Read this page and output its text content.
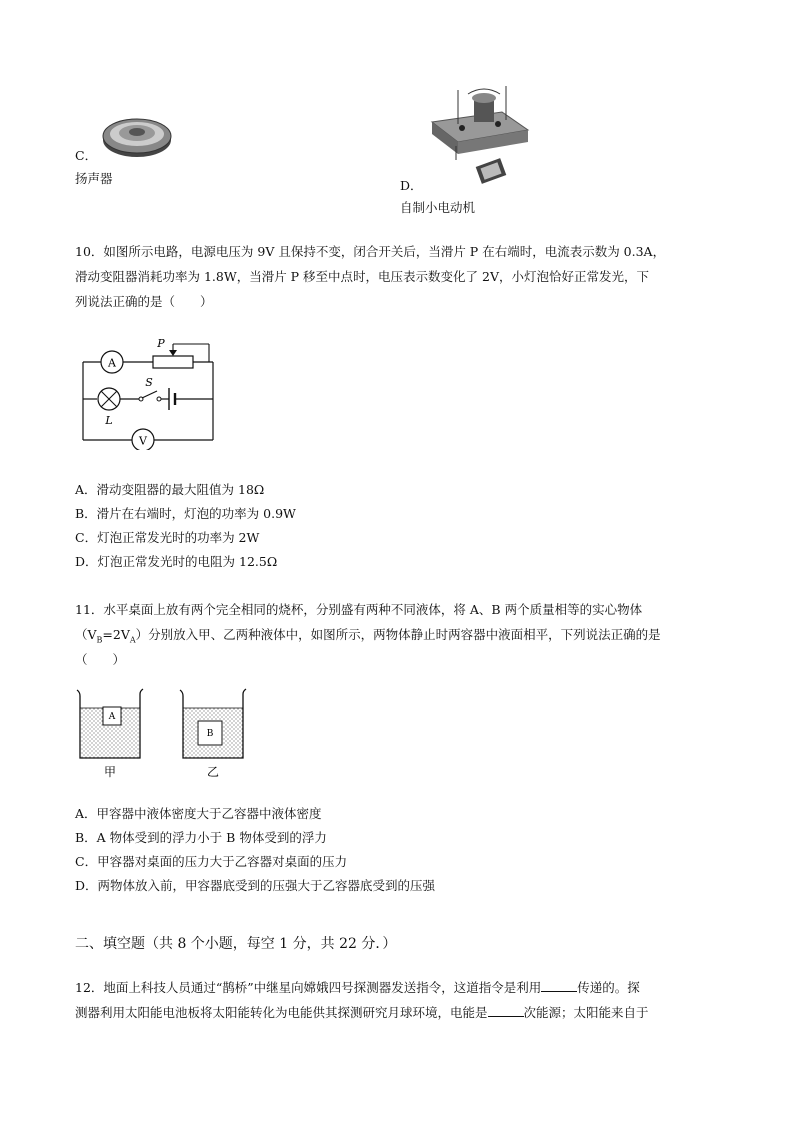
C．
扬声器	D．
自制小电动机
10．如图所示电路，电源电压为 9V 且保持不变，闭合开关后，当滑片 P 在右端时，电流表示数为 0.3A，
滑动变阻器消耗功率为 1.8W，当滑片 P 移至中点时，电压表示数变化了 2V，小灯泡恰好正常发光，下
列说法正确的是（　　）
A
V
P
S
L
A．滑动变阻器的最大阻值为 18Ω
B．滑片在右端时，灯泡的功率为 0.9W
C．灯泡正常发光时的功率为 2W
D．灯泡正常发光时的电阻为 12.5Ω
11．水平桌面上放有两个完全相同的烧杯，分别盛有两种不同液体，将 A、B 两个质量相等的实心物体
$(V_B=2V_A)$分别放入甲、乙两种液体中，如图所示，两物体静止时两容器中液面相平，下列说法正确的是
（　　）
A
B
甲	乙
A．甲容器中液体密度大于乙容器中液体密度
B．A 物体受到的浮力小于 B 物体受到的浮力
C．甲容器对桌面的压力大于乙容器对桌面的压力
D．两物体放入前，甲容器底受到的压强大于乙容器底受到的压强
二、填空题（共 8 个小题，每空 1 分，共 22 分．）
12．地面上科技人员通过“鹊桥”中继星向嫦娥四号探测器发送指令，这道指令是利用	传递的。探
测器利用太阳能电池板将太阳能转化为电能供其探测研究月球环境，电能是	次能源；太阳能来自于
